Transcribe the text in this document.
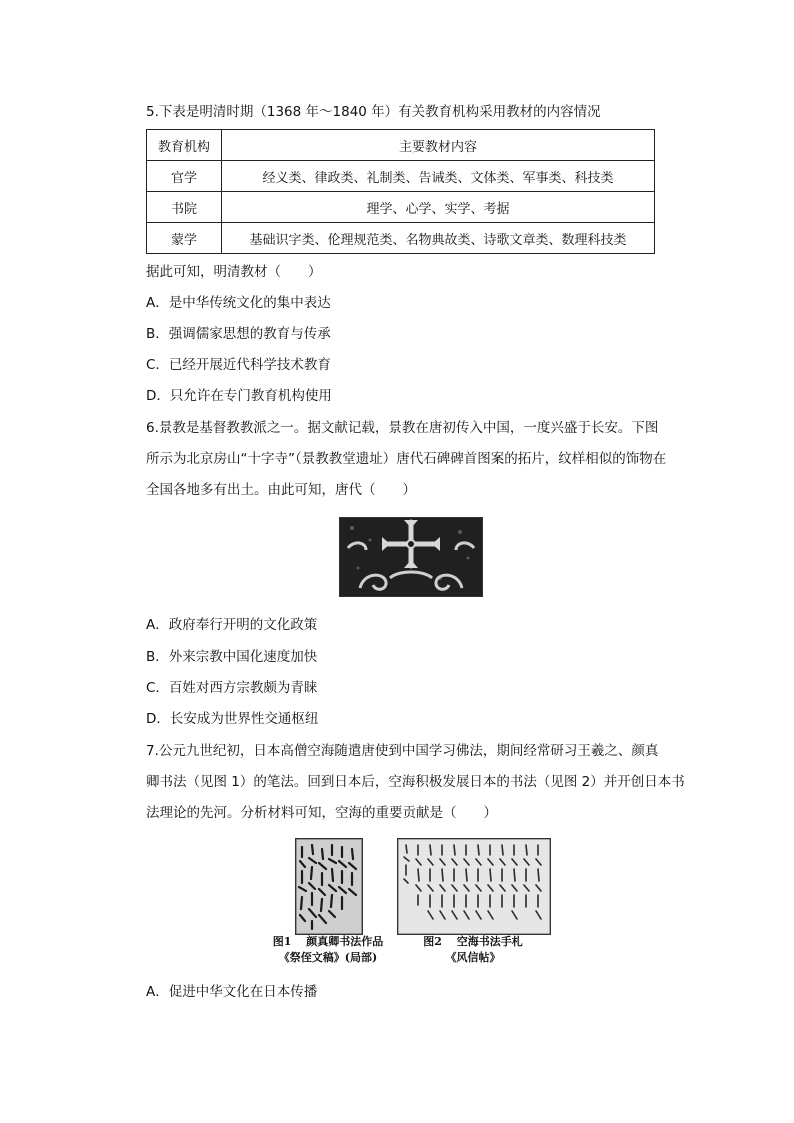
5.下表是明清时期（1368 年～1840 年）有关教育机构采用教材的内容情况
教育机构	主要教材内容
官学	经义类、律政类、礼制类、告诫类、文体类、军事类、科技类
书院	理学、心学、实学、考据
蒙学	基础识字类、伦理规范类、名物典故类、诗歌文章类、数理科技类
据此可知，明清教材（　　）
A．是中华传统文化的集中表达
B．强调儒家思想的教育与传承
C．已经开展近代科学技术教育
D．只允许在专门教育机构使用
6.景教是基督教教派之一。据文献记载，景教在唐初传入中国，一度兴盛于长安。下图
所示为北京房山“十字寺”（景教教堂遗址）唐代石碑碑首图案的拓片，纹样相似的饰物在
全国各地多有出土。由此可知，唐代（　　）
A．政府奉行开明的文化政策
B．外来宗教中国化速度加快
C．百姓对西方宗教颇为青睐
D．长安成为世界性交通枢纽
7.公元九世纪初，日本高僧空海随遣唐使到中国学习佛法，期间经常研习王羲之、颜真
卿书法（见图 1）的笔法。回到日本后，空海积极发展日本的书法（见图 2）并开创日本书
法理论的先河。分析材料可知，空海的重要贡献是（　　）
图1　 颜真卿书法作品
《祭侄文稿》(局部)
图2　 空海书法手札
《风信帖》
A．促进中华文化在日本传播
